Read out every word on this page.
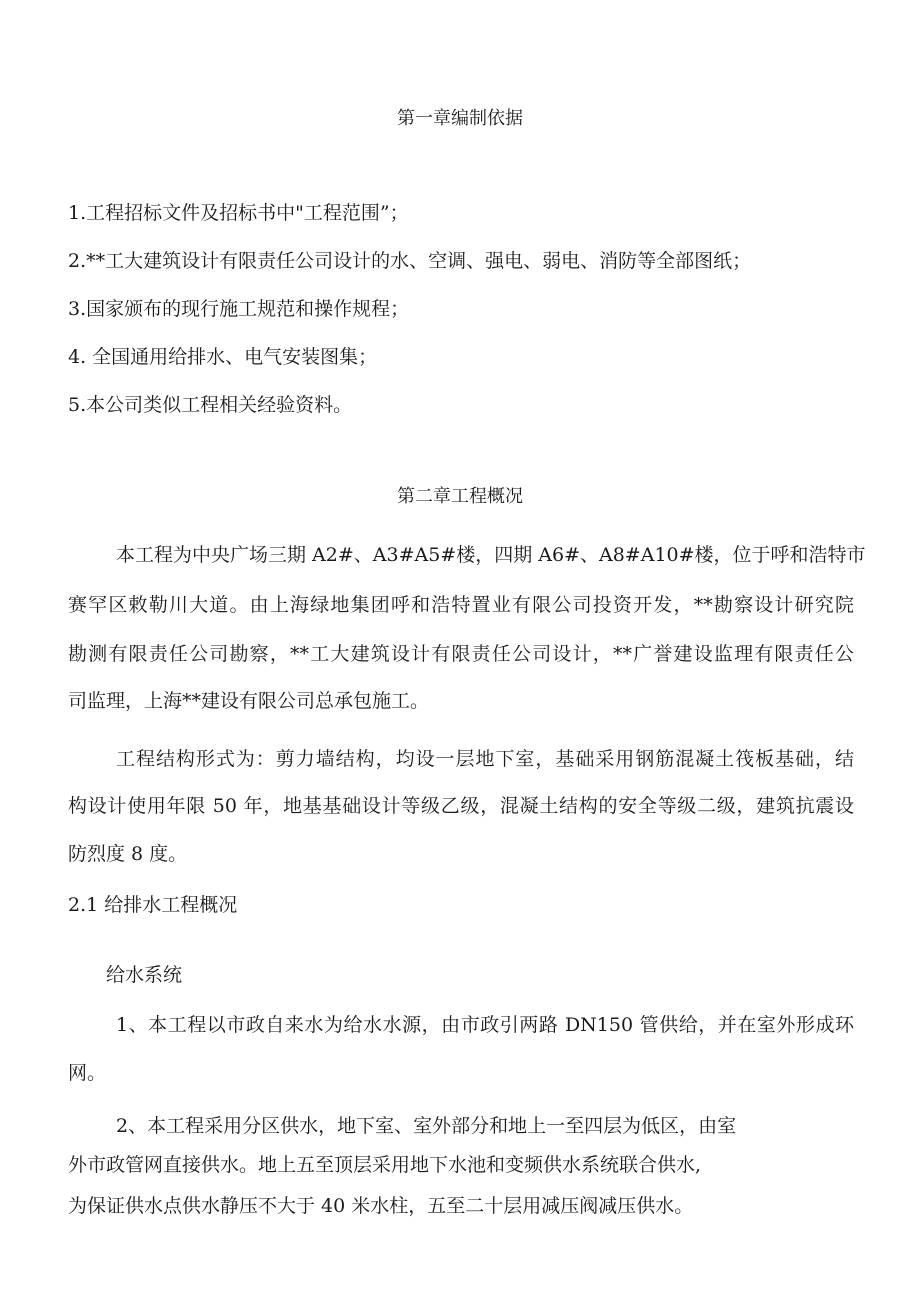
第一章编制依据
1.工程招标文件及招标书中"工程范围”；
2.**工大建筑设计有限责任公司设计的水、空调、强电、弱电、消防等全部图纸；
3.国家颁布的现行施工规范和操作规程；
4. 全国通用给排水、电气安装图集；
5.本公司类似工程相关经验资料。
第二章工程概况
本工程为中央广场三期 A2#、A3#A5#楼，四期 A6#、A8#A10#楼，位于呼和浩特市
赛罕区敕勒川大道。由上海绿地集团呼和浩特置业有限公司投资开发，**勘察设计研究院
勘测有限责任公司勘察，**工大建筑设计有限责任公司设计，**广誉建设监理有限责任公
司监理，上海**建设有限公司总承包施工。
工程结构形式为：剪力墙结构，均设一层地下室，基础采用钢筋混凝土筏板基础，结
构设计使用年限 50 年，地基基础设计等级乙级，混凝土结构的安全等级二级，建筑抗震设
防烈度 8 度。
2.1 给排水工程概况
给水系统
1、本工程以市政自来水为给水水源，由市政引两路 DN150 管供给，并在室外形成环
网。
2、本工程采用分区供水，地下室、室外部分和地上一至四层为低区，由室
外市政管网直接供水。地上五至顶层采用地下水池和变频供水系统联合供水,
为保证供水点供水静压不大于 40 米水柱，五至二十层用减压阀减压供水。
